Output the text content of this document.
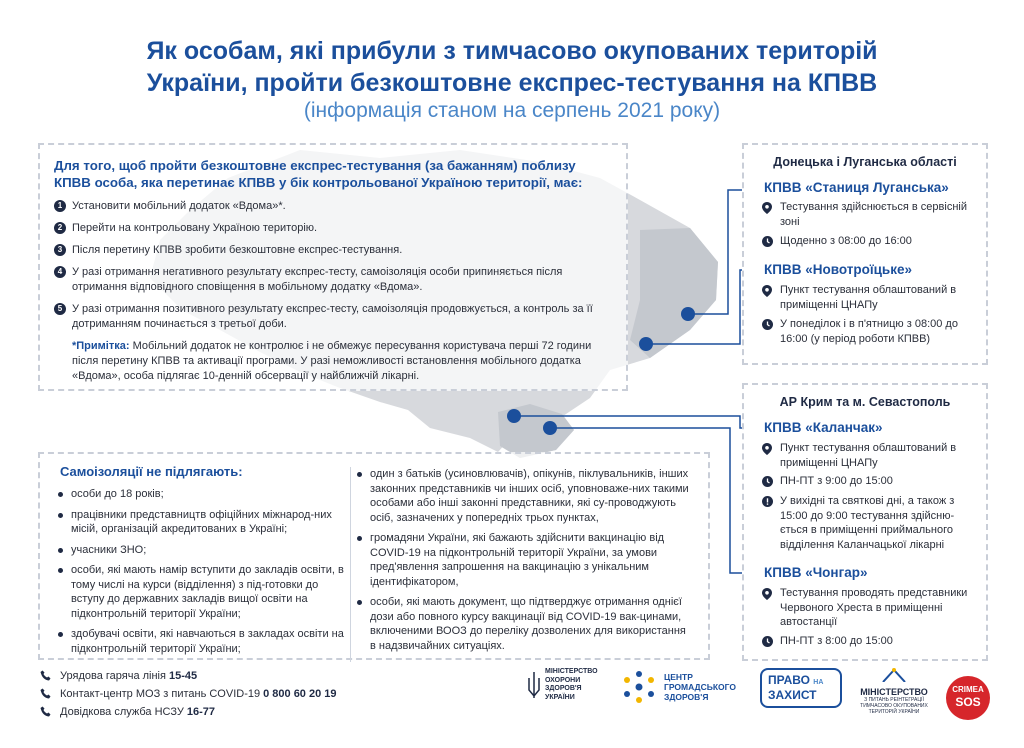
Як особам, які прибули з тимчасово окупованих територій
України, пройти безкоштовне експрес-тестування на КПВВ
(інформація станом на серпень 2021 року)
Для того, щоб пройти безкоштовне експрес-тестування (за бажанням) поблизу КПВВ особа, яка перетинає КПВВ у бік контрольованої Україною території, має:
1 Установити мобільний додаток «Вдома»*.
2 Перейти на контрольовану Україною територію.
3 Після перетину КПВВ зробити безкоштовне експрес-тестування.
4 У разі отримання негативного результату експрес-тесту, самоізоляція особи припиняється після отримання відповідного сповіщення в мобільному додатку «Вдома».
5 У разі отримання позитивного результату експрес-тесту, самоізоляція продовжується, а контроль за її дотриманням починається з третьої доби.
*Примітка: Мобільний додаток не контролює і не обмежує пересування користувача перші 72 години після перетину КПВВ та активації програми. У разі неможливості встановлення мобільного додатка «Вдома», особа підлягає 10-денній обсервації у найближчій лікарні.
Самоізоляції не підлягають:
особи до 18 років;
працівники представництв офіційних міжнарод-них місій, організацій акредитованих в Україні;
учасники ЗНО;
особи, які мають намір вступити до закладів освіти, в тому числі на курси (відділення) з під-готовки до вступу до державних закладів вищої освіти на підконтрольній території України;
здобувачі освіти, які навчаються в закладах освіти на підконтрольній території України;
один з батьків (усиновлювачів), опікунів, піклувальників, інших законних представників чи інших осіб, уповноваже-них такими особами або інші законні представники, які су-проводжують осіб, зазначених у попередніх трьох пунктах,
громадяни України, які бажають здійснити вакцинацію від COVID-19 на підконтрольній території України, за умови пред'явлення запрошення на вакцинацію з унікальним ідентифікатором,
особи, які мають документ, що підтверджує отримання однієї дози або повного курсу вакцинації від COVID-19 вак-цинами, включеними ВООЗ до переліку дозволених для використання в надзвичайних ситуаціях.
Донецька і Луганська області
КПВВ «Станиця Луганська»
Тестування здійснюється в сервісній зоні
Щоденно з 08:00 до 16:00
КПВВ «Новотроїцьке»
Пункт тестування облаштований в приміщенні ЦНАПу
У понеділок і в п'ятницю з 08:00 до 16:00 (у період роботи КПВВ)
АР Крим та м. Севастополь
КПВВ «Каланчак»
Пункт тестування облаштований в приміщенні ЦНАПу
ПН-ПТ з 9:00 до 15:00
У вихідні та святкові дні, а також з 15:00 до 9:00 тестування здійсню-ється в приміщенні приймального відділення Каланчацької лікарні
КПВВ «Чонгар»
Тестування проводять представники Червоного Хреста в приміщенні автостанції
ПН-ПТ з 8:00 до 15:00
Урядова гаряча лінія 15-45
Контакт-центр МОЗ з питань COVID-19 0 800 60 20 19
Довідкова служба НСЗУ 16-77
МІНІСТЕРСТВО ОХОРОНИ ЗДОРОВ'Я УКРАЇНИ
ЦЕНТР ГРОМАДСЬКОГО ЗДОРОВ'Я
ПРАВО НА
ЗАХИСТ	МІНІСТЕРСТВО
З ПИТАНЬ РЕІНТЕГРАЦІЇ ТИМЧАСОВО ОКУПОВАНИХ ТЕРИТОРІЙ УКРАЇНИ
CRIMEA
SOS
